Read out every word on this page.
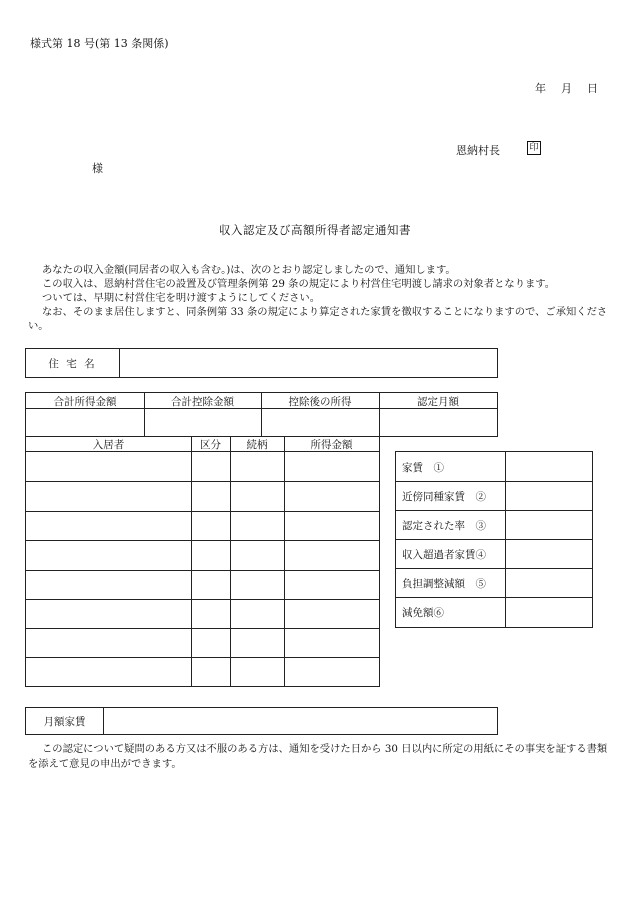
様式第 18 号(第 13 条関係)
年　月　日
恩納村長	印
様
収入認定及び高額所得者認定通知書

あなたの収入金額(同居者の収入も含む。)は、次のとおり認定しましたので、通知します。

この収入は、恩納村営住宅の設置及び管理条例第 29 条の規定により村営住宅明渡し請求の対象者となります。

ついては、早期に村営住宅を明け渡すようにしてください。

なお、そのまま居住しますと、同条例第 33 条の規定により算定された家賃を徴収することになりますので、ご承知ください。

住 宅 名
合計所得金額	合計控除金額	控除後の所得	認定月額
入居者	区分	続柄	所得金額
家賃　①
近傍同種家賃　②
認定された率　③
収入超過者家賃④
負担調整減額　⑤
減免額⑥
月額家賃

この認定について疑問のある方又は不服のある方は、通知を受けた日から 30 日以内に所定の用紙にその事実を証する書類を添えて意見の申出ができます。
